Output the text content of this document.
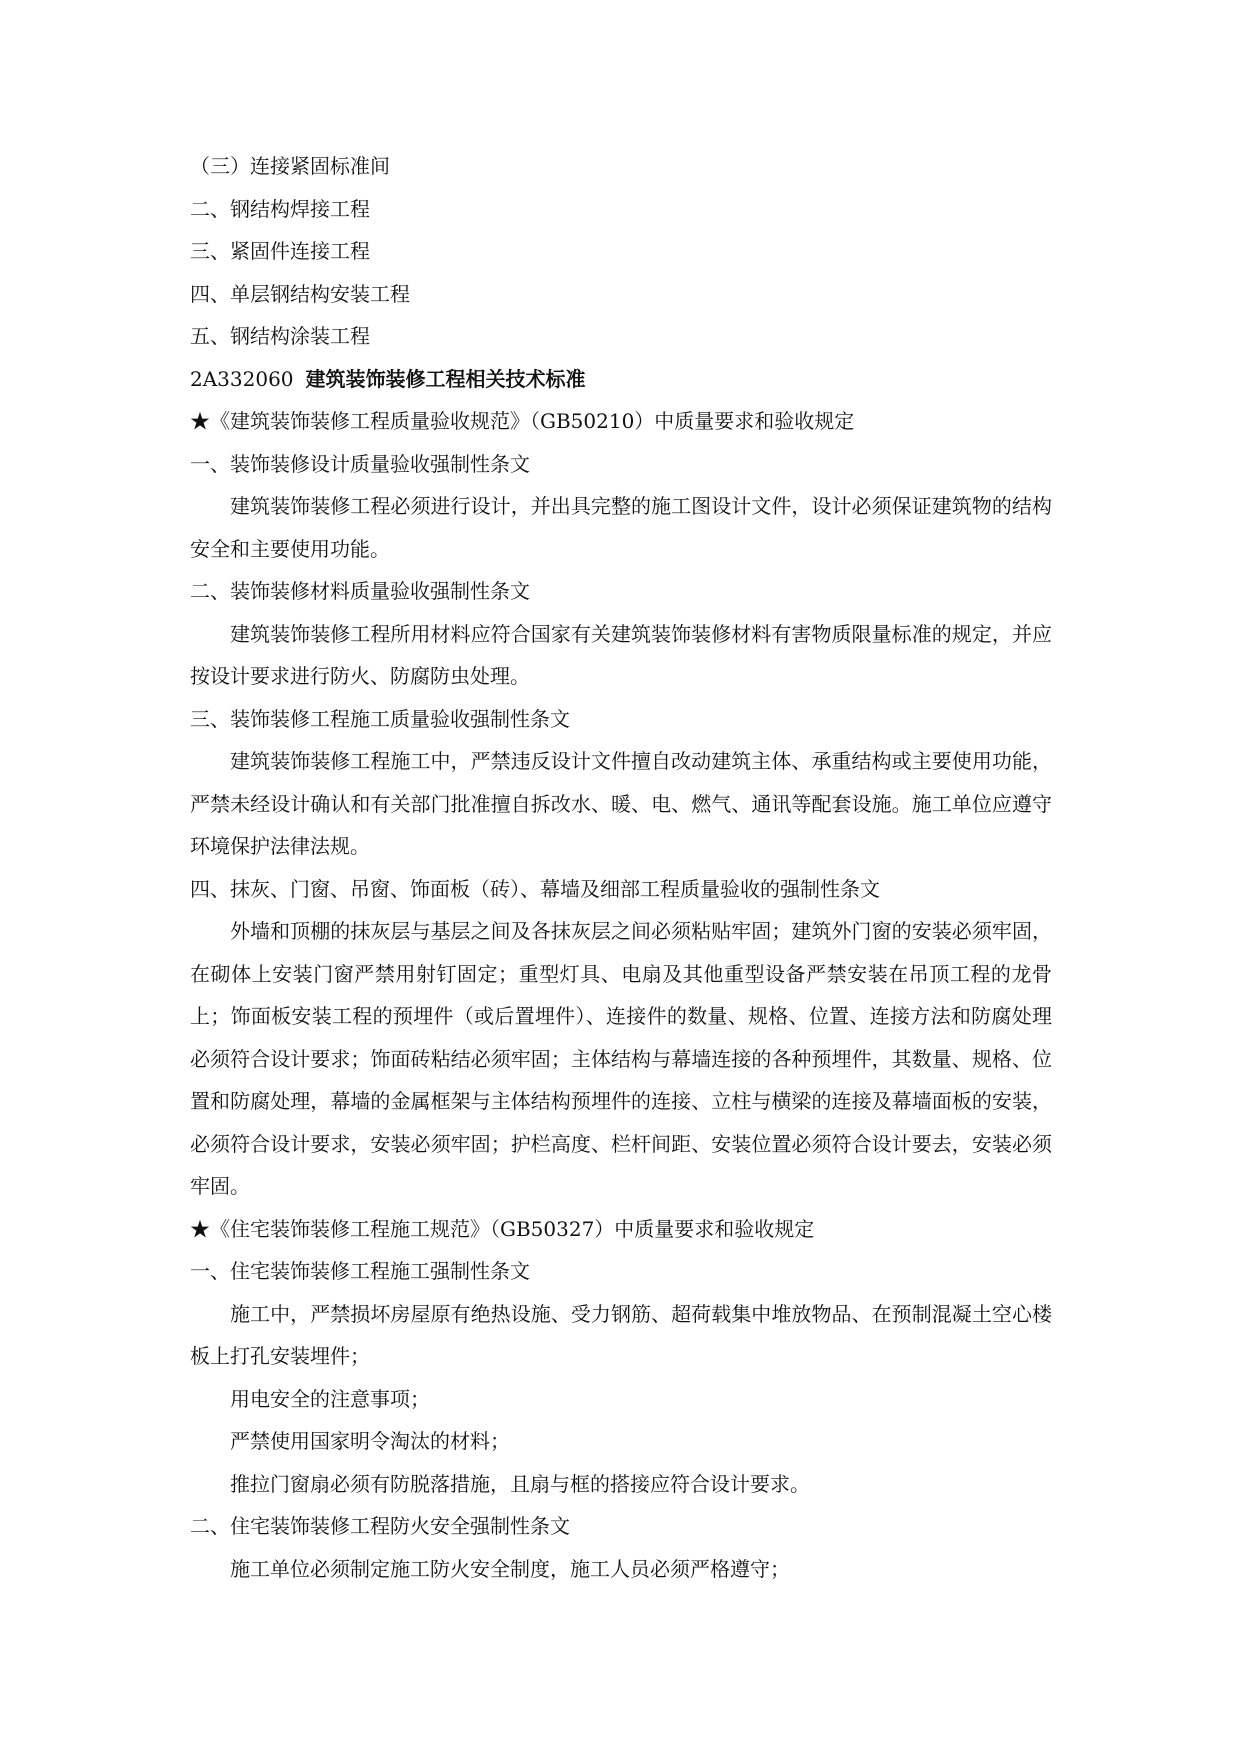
（三）连接紧固标准间
二、钢结构焊接工程
三、紧固件连接工程
四、单层钢结构安装工程
五、钢结构涂装工程
2A332060 建筑装饰装修工程相关技术标准
★《建筑装饰装修工程质量验收规范》（GB50210）中质量要求和验收规定
一、装饰装修设计质量验收强制性条文
建筑装饰装修工程必须进行设计，并出具完整的施工图设计文件，设计必须保证建筑物的结构安全和主要使用功能。
二、装饰装修材料质量验收强制性条文
建筑装饰装修工程所用材料应符合国家有关建筑装饰装修材料有害物质限量标准的规定，并应按设计要求进行防火、防腐防虫处理。
三、装饰装修工程施工质量验收强制性条文
建筑装饰装修工程施工中，严禁违反设计文件擅自改动建筑主体、承重结构或主要使用功能，严禁未经设计确认和有关部门批准擅自拆改水、暖、电、燃气、通讯等配套设施。施工单位应遵守环境保护法律法规。
四、抹灰、门窗、吊窗、饰面板（砖）、幕墙及细部工程质量验收的强制性条文
外墙和顶棚的抹灰层与基层之间及各抹灰层之间必须粘贴牢固；建筑外门窗的安装必须牢固，在砌体上安装门窗严禁用射钉固定；重型灯具、电扇及其他重型设备严禁安装在吊顶工程的龙骨上；饰面板安装工程的预埋件（或后置埋件）、连接件的数量、规格、位置、连接方法和防腐处理必须符合设计要求；饰面砖粘结必须牢固；主体结构与幕墙连接的各种预埋件，其数量、规格、位置和防腐处理，幕墙的金属框架与主体结构预埋件的连接、立柱与横梁的连接及幕墙面板的安装，必须符合设计要求，安装必须牢固；护栏高度、栏杆间距、安装位置必须符合设计要去，安装必须牢固。
★《住宅装饰装修工程施工规范》（GB50327）中质量要求和验收规定
一、住宅装饰装修工程施工强制性条文
施工中，严禁损坏房屋原有绝热设施、受力钢筋、超荷载集中堆放物品、在预制混凝土空心楼板上打孔安装埋件；
用电安全的注意事项；
严禁使用国家明令淘汰的材料；
推拉门窗扇必须有防脱落措施，且扇与框的搭接应符合设计要求。
二、住宅装饰装修工程防火安全强制性条文
施工单位必须制定施工防火安全制度，施工人员必须严格遵守；
